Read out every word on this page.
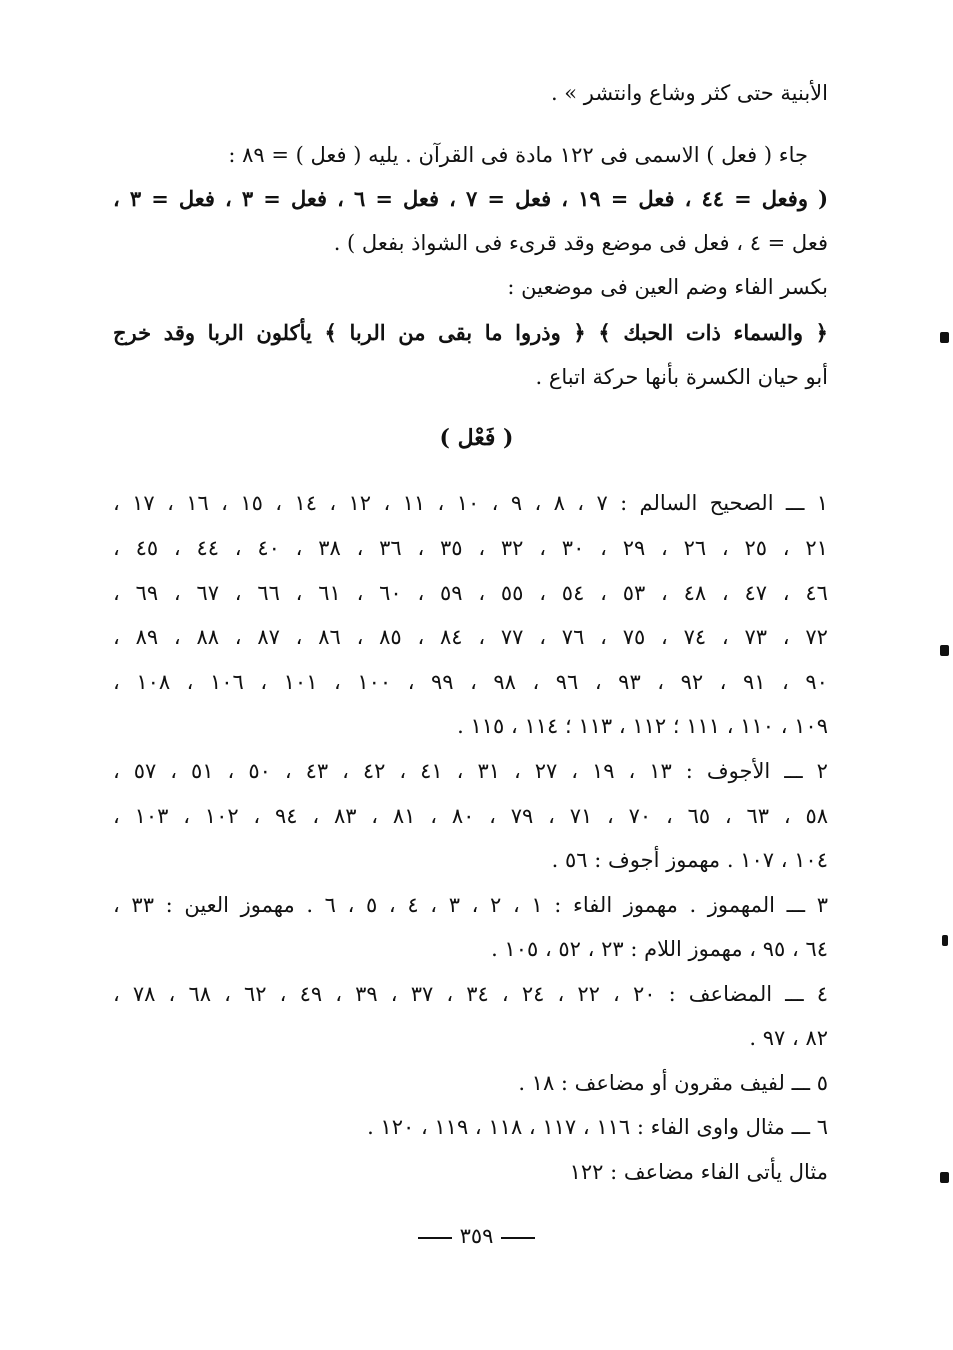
الأبنية حتى كثر وشاع وانتشر » .
جاء ( فعل ) الاسمى فى ١٢٢ مادة فى القرآن . يليه ( فعل ) = ٨٩ :
( وفعل = ٤٤ ، فعل = ١٩ ، فعل = ٧ ، فعل = ٦ ، فعل = ٣ ، فعل = ٣ ،
فعل = ٤ ، فعل فى موضع وقد قرىء فى الشواذ بفعل ) .
بكسر الفاء وضم العين فى موضعين :
﴿ والسماء ذات الحبك ﴾ ﴿ وذروا ما بقى من الربا ﴾ يأكلون الربا وقد خرج
أبو حيان الكسرة بأنها حركة اتباع .
( فَعْل )
١ ـــ الصحيح السالم : ٧ ، ٨ ، ٩ ، ١٠ ، ١١ ، ١٢ ، ١٤ ، ١٥ ، ١٦ ، ١٧ ،
٢١ ، ٢٥ ، ٢٦ ، ٢٩ ، ٣٠ ، ٣٢ ، ٣٥ ، ٣٦ ، ٣٨ ، ٤٠ ، ٤٤ ، ٤٥ ،
٤٦ ، ٤٧ ، ٤٨ ، ٥٣ ، ٥٤ ، ٥٥ ، ٥٩ ، ٦٠ ، ٦١ ، ٦٦ ، ٦٧ ، ٦٩ ،
٧٢ ، ٧٣ ، ٧٤ ، ٧٥ ، ٧٦ ، ٧٧ ، ٨٤ ، ٨٥ ، ٨٦ ، ٨٧ ، ٨٨ ، ٨٩ ،
٩٠ ، ٩١ ، ٩٢ ، ٩٣ ، ٩٦ ، ٩٨ ، ٩٩ ، ١٠٠ ، ١٠١ ، ١٠٦ ، ١٠٨ ،
١٠٩ ، ١١٠ ، ١١١ ؛ ١١٢ ، ١١٣ ؛ ١١٤ ، ١١٥ .
٢ ـــ الأجوف : ١٣ ، ١٩ ، ٢٧ ، ٣١ ، ٤١ ، ٤٢ ، ٤٣ ، ٥٠ ، ٥١ ، ٥٧ ،
٥٨ ، ٦٣ ، ٦٥ ، ٧٠ ، ٧١ ، ٧٩ ، ٨٠ ، ٨١ ، ٨٣ ، ٩٤ ، ١٠٢ ، ١٠٣ ،
١٠٤ ، ١٠٧ . مهموز أجوف : ٥٦ .
٣ ـــ المهموز . مهموز الفاء : ١ ، ٢ ، ٣ ، ٤ ، ٥ ، ٦ . مهموز العين : ٣٣ ،
٦٤ ، ٩٥ ، مهموز اللام : ٢٣ ، ٥٢ ، ١٠٥ .
٤ ـــ المضاعف : ٢٠ ، ٢٢ ، ٢٤ ، ٣٤ ، ٣٧ ، ٣٩ ، ٤٩ ، ٦٢ ، ٦٨ ، ٧٨ ،
٨٢ ، ٩٧ .
٥ ـــ لفيف مقرون أو مضاعف : ١٨ .
٦ ـــ مثال واوى الفاء : ١١٦ ، ١١٧ ، ١١٨ ، ١١٩ ، ١٢٠ .
مثال يأتى الفاء مضاعف : ١٢٢
٣٥٩
